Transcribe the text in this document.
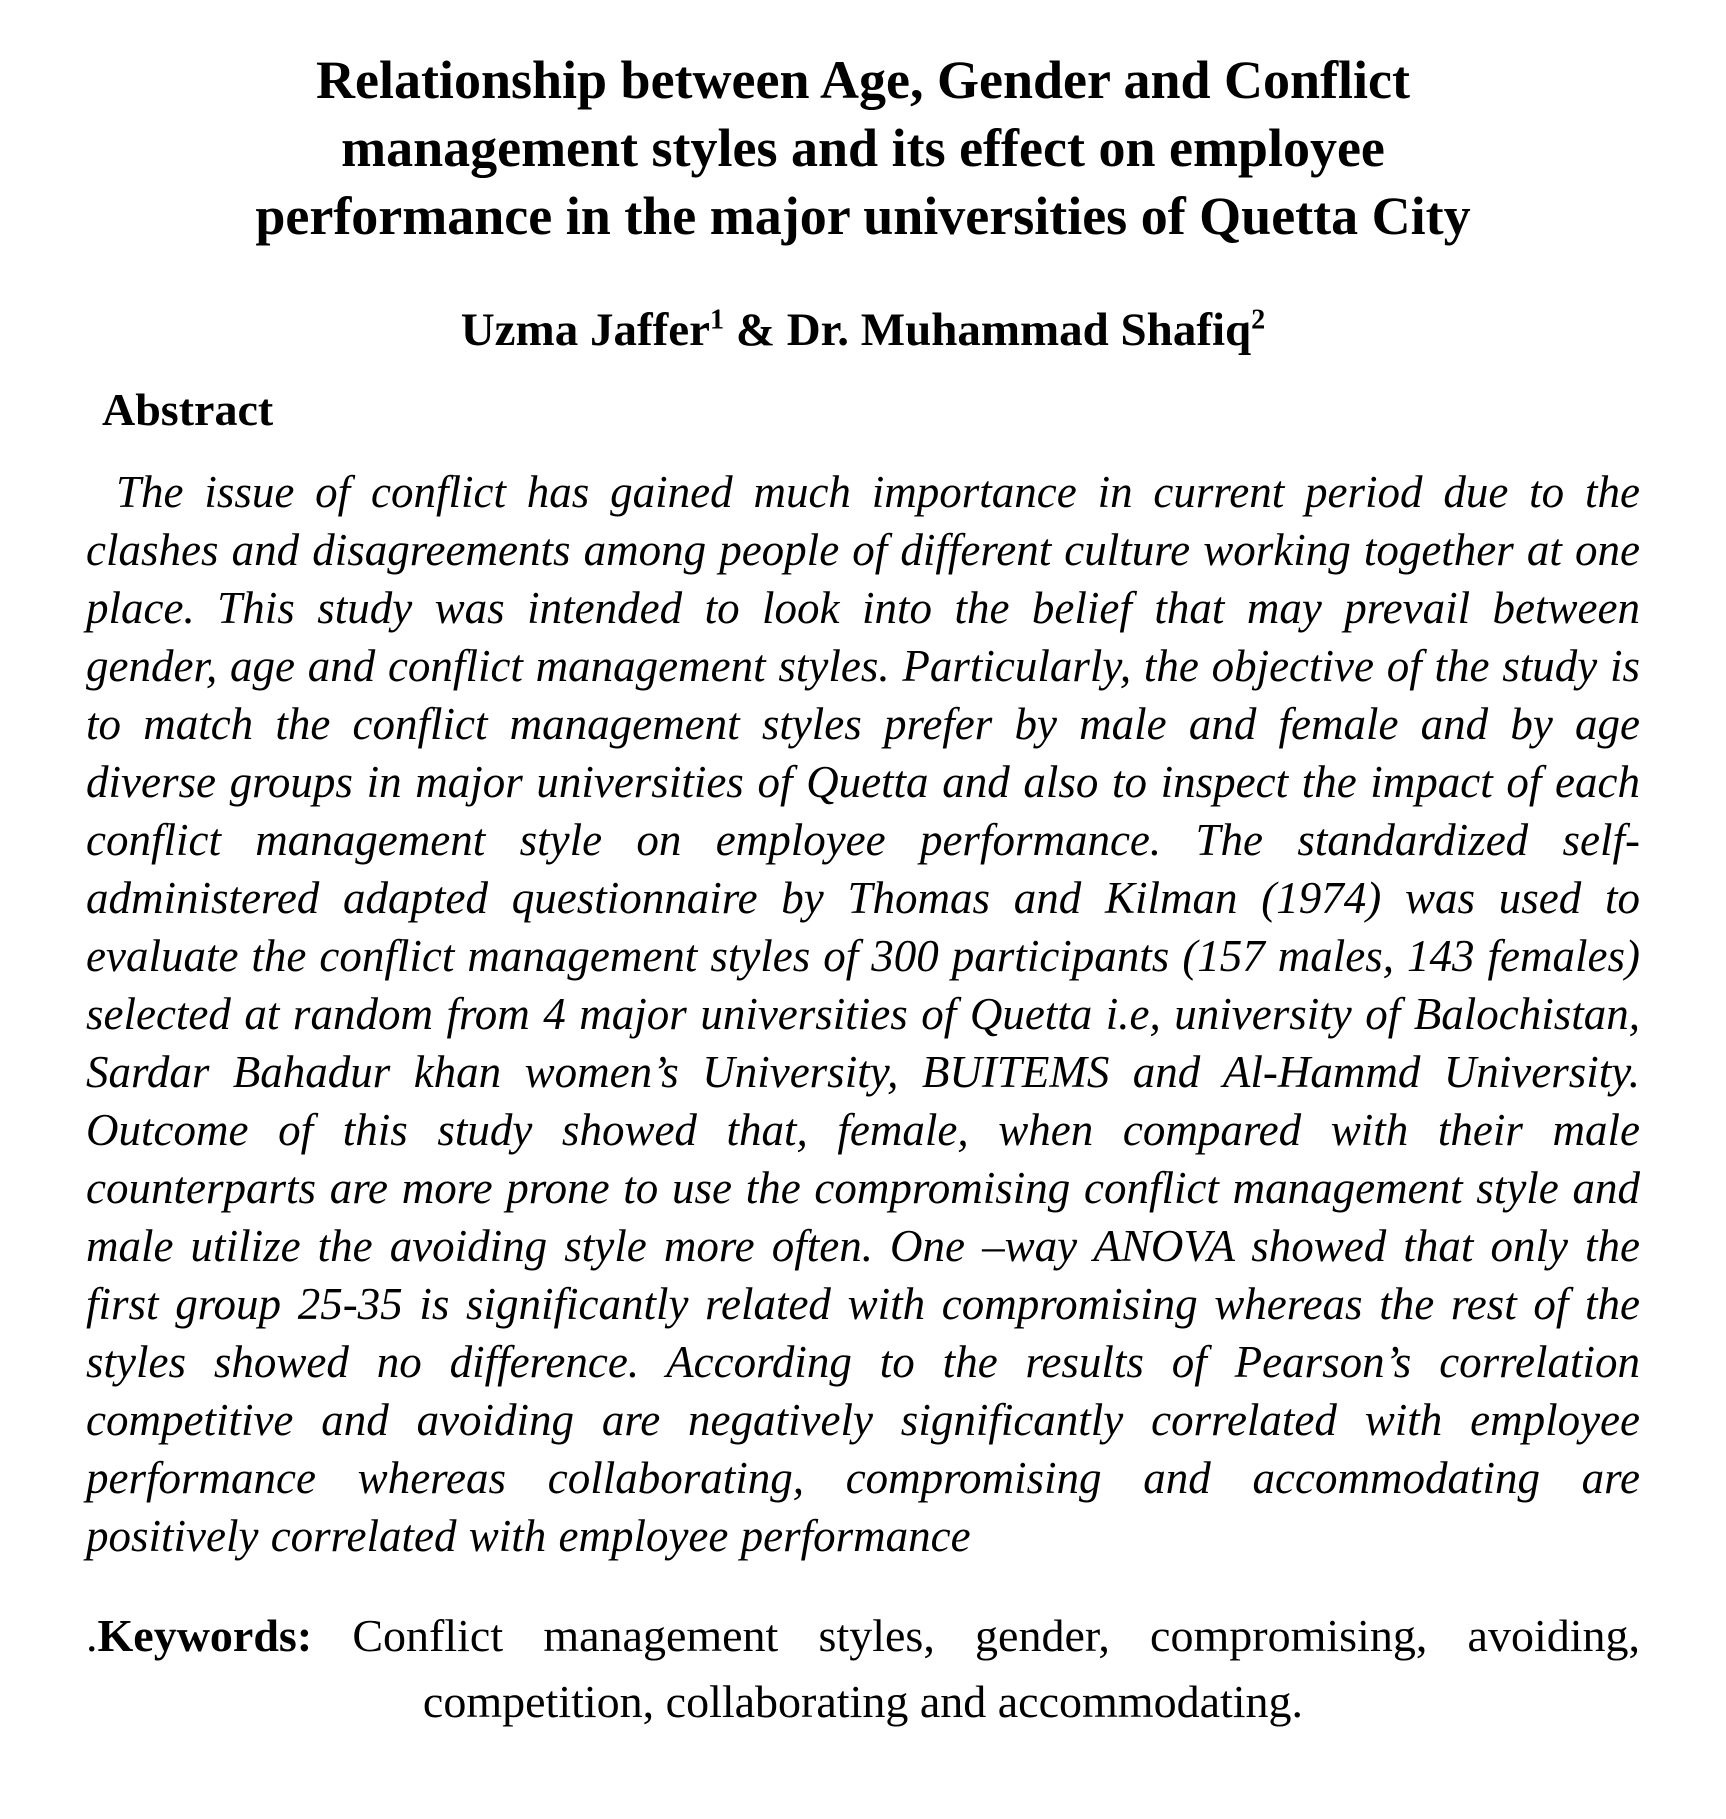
Relationship between Age, Gender and Conflict management styles and its effect on employee performance in the major universities of Quetta City
Uzma Jaffer$^1$ & Dr. Muhammad Shafiq$^2$
Abstract

The issue of conflict has gained much importance in current period due to the clashes and disagreements among people of different culture working together at one place. This study was intended to look into the belief that may prevail between gender, age and conflict management styles. Particularly, the objective of the study is to match the conflict management styles prefer by male and female and by age diverse groups in major universities of Quetta and also to inspect the impact of each conflict management style on employee performance. The standardized self-administered adapted questionnaire by Thomas and Kilman (1974) was used to evaluate the conflict management styles of 300 participants (157 males, 143 females) selected at random from 4 major universities of Quetta i.e, university of Balochistan, Sardar Bahadur khan women’s University, BUITEMS and Al-Hammd University. Outcome of this study showed that, female, when compared with their male counterparts are more prone to use the compromising conflict management style and male utilize the avoiding style more often. One –way ANOVA showed that only the first group 25-35 is significantly related with compromising whereas the rest of the styles showed no difference. According to the results of Pearson’s correlation competitive and avoiding are negatively significantly correlated with employee performance whereas collaborating, compromising and accommodating are positively correlated with employee performance

.Keywords: Conflict management styles, gender, compromising, avoiding, competition, collaborating and accommodating.
